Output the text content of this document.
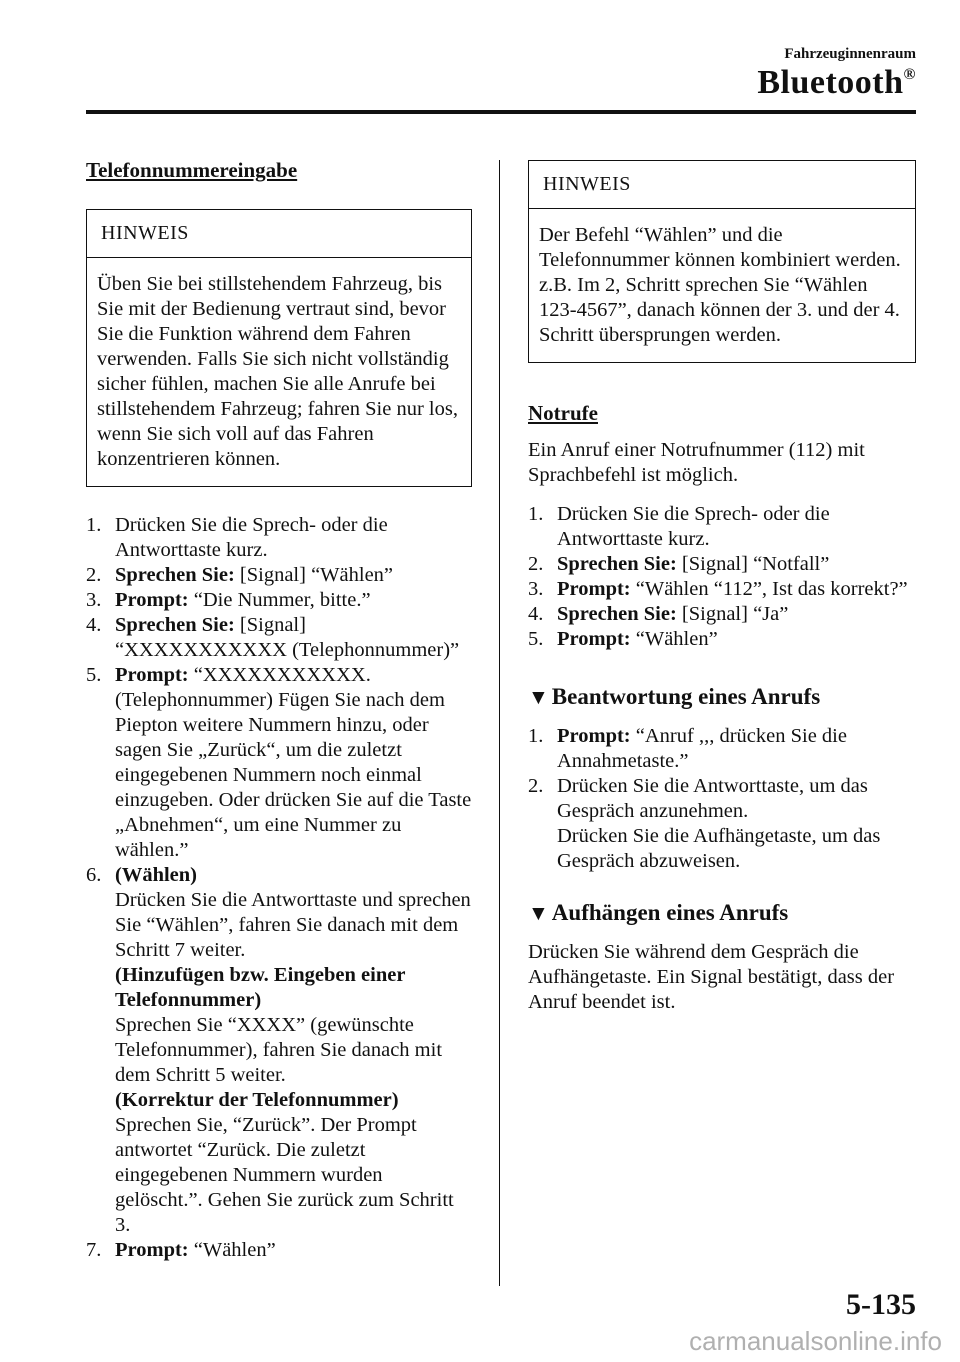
Fahrzeuginnenraum
Bluetooth®
Telefonnummereingabe
HINWEIS
Üben Sie bei stillstehendem Fahrzeug, bis Sie mit der Bedienung vertraut sind, bevor Sie die Funktion während dem Fahren verwenden. Falls Sie sich nicht vollständig sicher fühlen, machen Sie alle Anrufe bei stillstehendem Fahrzeug; fahren Sie nur los, wenn Sie sich voll auf das Fahren konzentrieren können.
1. Drücken Sie die Sprech- oder die Antworttaste kurz.
2. Sprechen Sie: [Signal] “Wählen”
3. Prompt: “Die Nummer, bitte.”
4. Sprechen Sie: [Signal] “XXXXXXXXXXX (Telephonnummer)”
5. Prompt: “XXXXXXXXXXX. (Telephonnummer) Fügen Sie nach dem Piepton weitere Nummern hinzu, oder sagen Sie „Zurück“, um die zuletzt eingegebenen Nummern noch einmal einzugeben. Oder drücken Sie auf die Taste „Abnehmen“, um eine Nummer zu wählen.”
6. (Wählen)
Drücken Sie die Antworttaste und sprechen Sie “Wählen”, fahren Sie danach mit dem Schritt 7 weiter.
(Hinzufügen bzw. Eingeben einer Telefonnummer)
Sprechen Sie “XXXX” (gewünschte Telefonnummer), fahren Sie danach mit dem Schritt 5 weiter.
(Korrektur der Telefonnummer)
Sprechen Sie, “Zurück”. Der Prompt antwortet “Zurück. Die zuletzt eingegebenen Nummern wurden gelöscht.”. Gehen Sie zurück zum Schritt 3.
7. Prompt: “Wählen”
HINWEIS
Der Befehl “Wählen” und die Telefonnummer können kombiniert werden.
z.B. Im 2, Schritt sprechen Sie “Wählen 123-4567”, danach können der 3. und der 4. Schritt übersprungen werden.
Notrufe
Ein Anruf einer Notrufnummer (112) mit Sprachbefehl ist möglich.
1. Drücken Sie die Sprech- oder die Antworttaste kurz.
2. Sprechen Sie: [Signal] “Notfall”
3. Prompt: “Wählen “112”, Ist das korrekt?”
4. Sprechen Sie: [Signal] “Ja”
5. Prompt: “Wählen”
▼ Beantwortung eines Anrufs
1. Prompt: “Anruf ,,, drücken Sie die Annahmetaste.”
2. Drücken Sie die Antworttaste, um das Gespräch anzunehmen.
Drücken Sie die Aufhängetaste, um das Gespräch abzuweisen.
▼ Aufhängen eines Anrufs
Drücken Sie während dem Gespräch die Aufhängetaste. Ein Signal bestätigt, dass der Anruf beendet ist.
5-135
carmanualsonline.info
